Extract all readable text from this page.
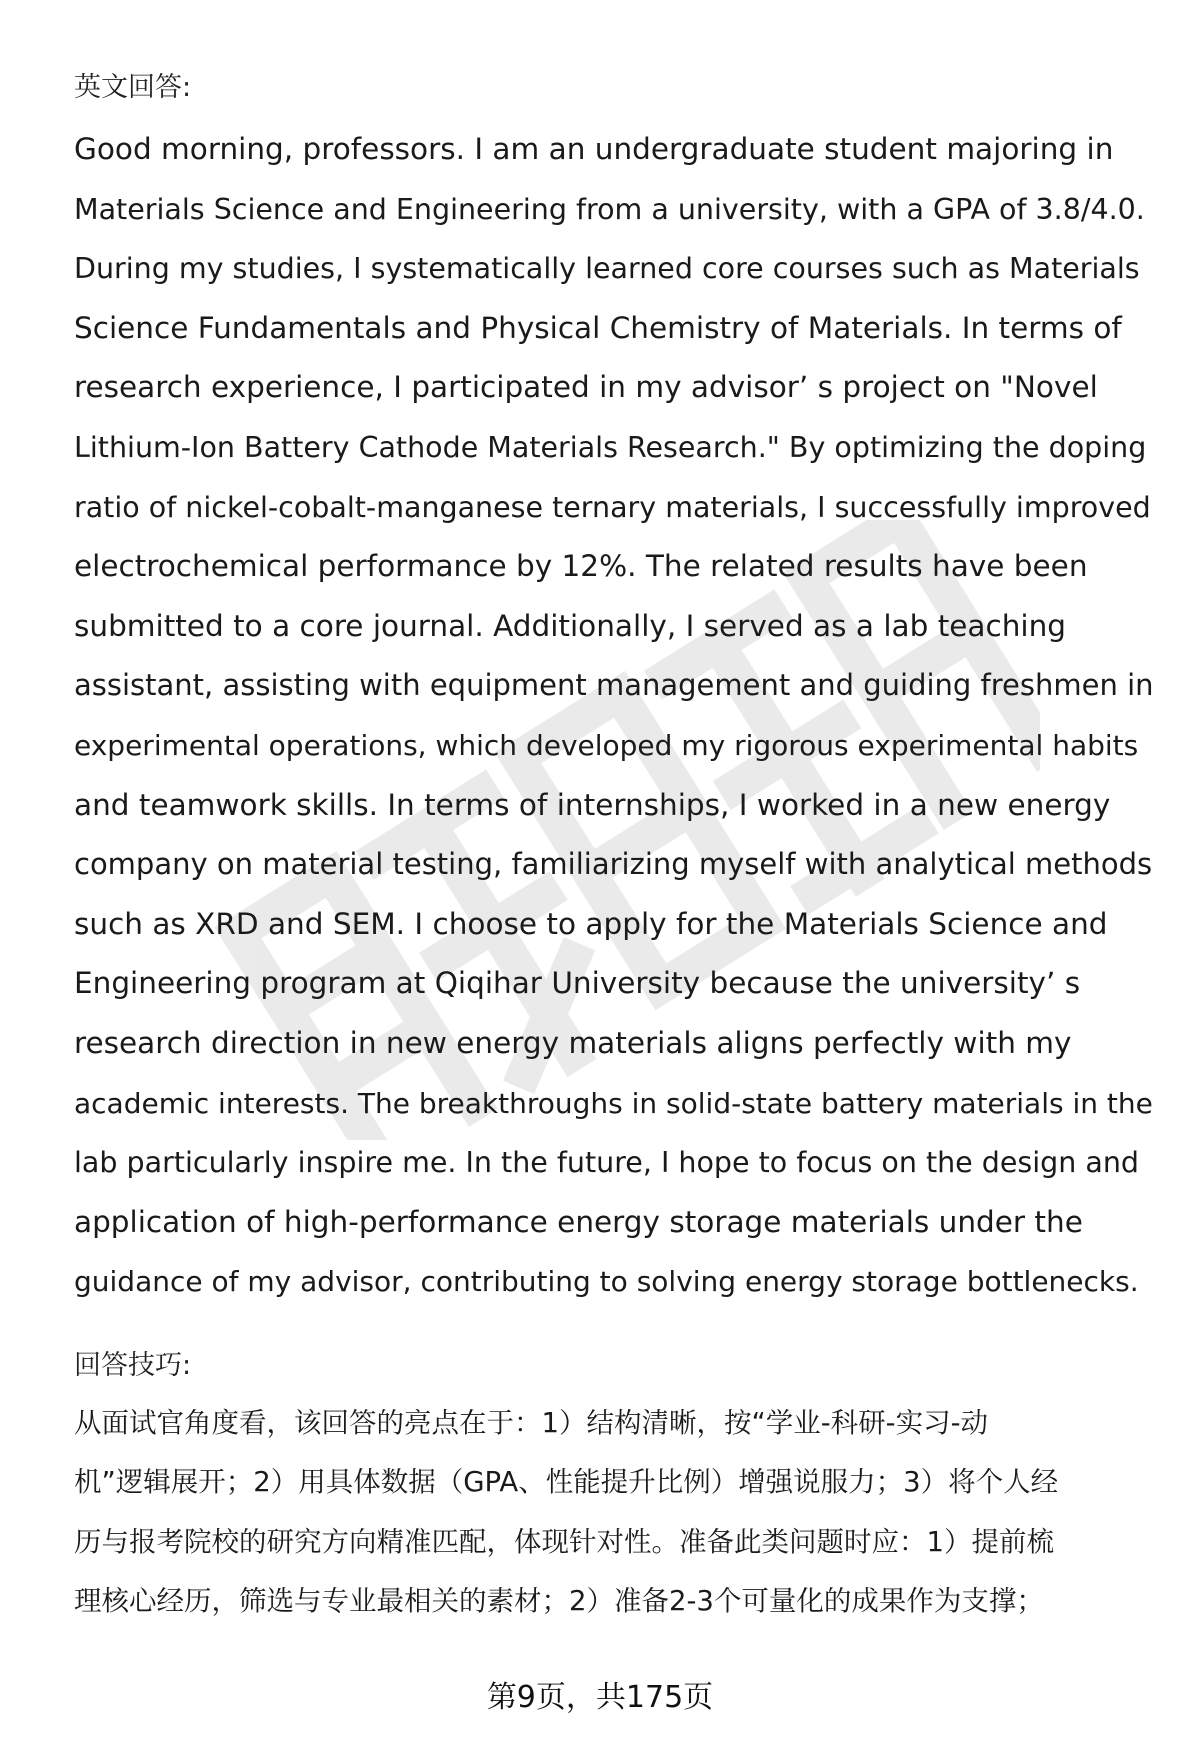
英文回答:

Good morning, professors. I am an undergraduate student majoring in

Materials Science and Engineering from a university, with a GPA of 3.8/4.0.

During my studies, I systematically learned core courses such as Materials

Science Fundamentals and Physical Chemistry of Materials. In terms of

research experience, I participated in my advisor’ s project on "Novel

Lithium-Ion Battery Cathode Materials Research." By optimizing the doping

ratio of nickel-cobalt-manganese ternary materials, I successfully improved

electrochemical performance by 12%. The related results have been

submitted to a core journal. Additionally, I served as a lab teaching

assistant, assisting with equipment management and guiding freshmen in

experimental operations, which developed my rigorous experimental habits

and teamwork skills. In terms of internships, I worked in a new energy

company on material testing, familiarizing myself with analytical methods

such as XRD and SEM. I choose to apply for the Materials Science and

Engineering program at Qiqihar University because the university’ s

research direction in new energy materials aligns perfectly with my

academic interests. The breakthroughs in solid-state battery materials in the

lab particularly inspire me. In the future, I hope to focus on the design and

application of high-performance energy storage materials under the

guidance of my advisor, contributing to solving energy storage bottlenecks.

回答技巧:

从面试官角度看，该回答的亮点在于：1）结构清晰，按“学业-科研-实习-动

机”逻辑展开；2）用具体数据（GPA、性能提升比例）增强说服力；3）将个人经

历与报考院校的研究方向精准匹配，体现针对性。准备此类问题时应：1）提前梳

理核心经历，筛选与专业最相关的素材；2）准备2-3个可量化的成果作为支撑；

第9页，共175页
